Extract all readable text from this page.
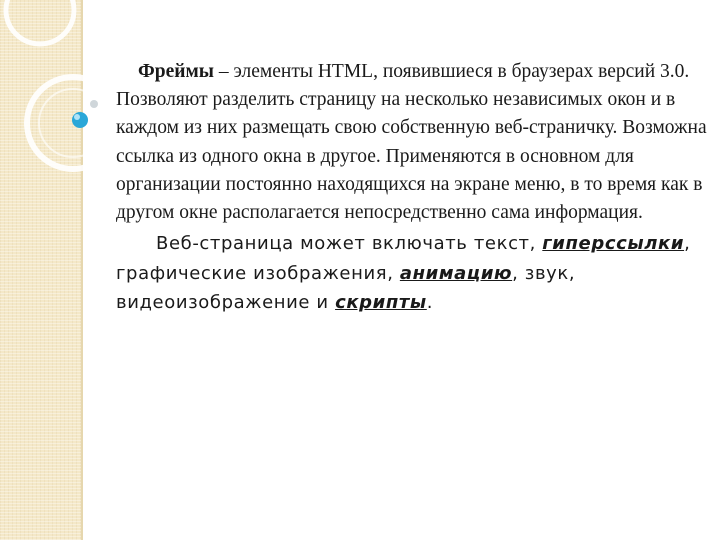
Фреймы – элементы HTML, появившиеся в браузерах версий 3.0. Позволяют разделить страницу на несколько независимых окон и в каждом из них размещать свою собственную веб-страничку. Возможна ссылка из одного окна в другое. Применяются в основном для организации постоянно находящихся на экране меню, в то время как в другом окне располагается непосредственно сама информация.

Веб-страница может включать текст, гиперссылки, графические изображения, анимацию, звук, видеоизображение и скрипты.
